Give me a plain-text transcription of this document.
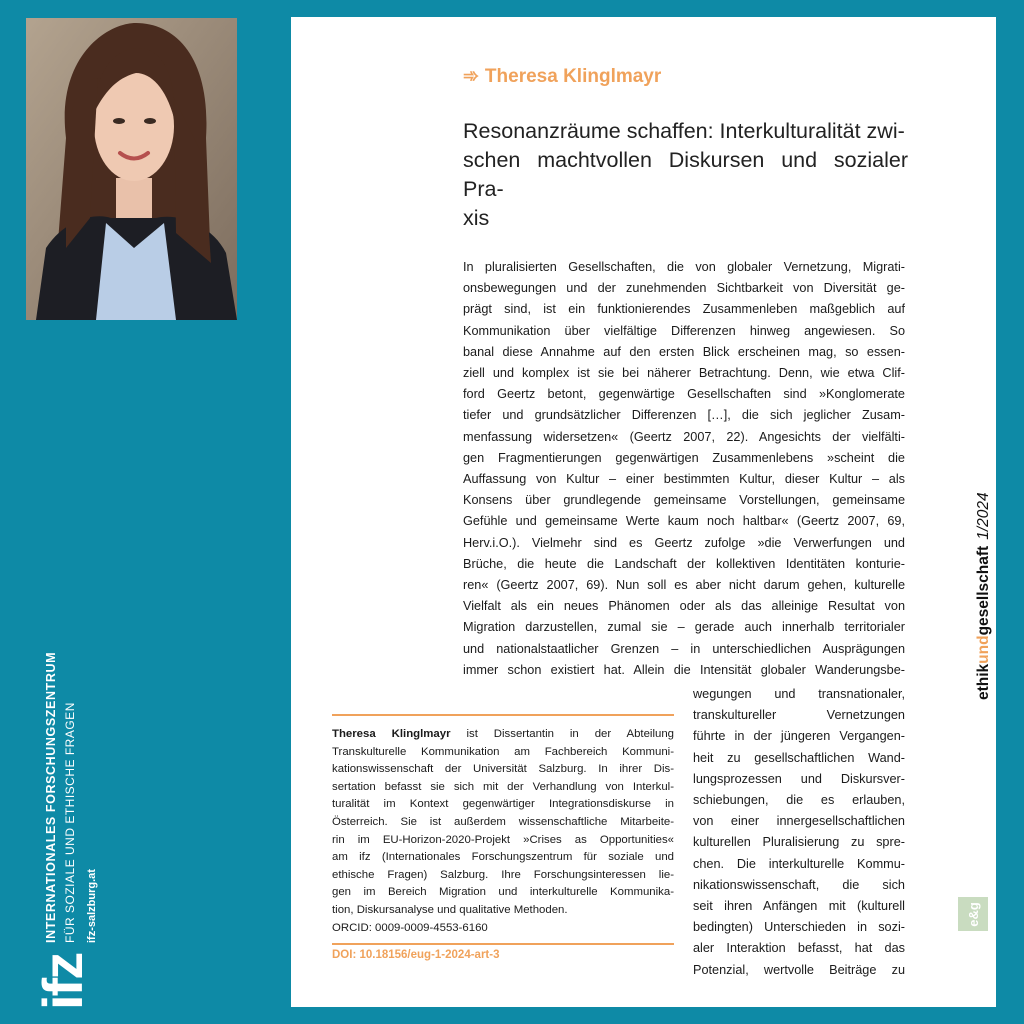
ifz
INTERNATIONALES FORSCHUNGSZENTRUM FÜR SOZIALE UND ETHISCHE FRAGEN ifz-salzburg.at
➾ Theresa Klinglmayr
Resonanzräume schaffen: Interkulturalität zwi-
schen machtvollen Diskursen und sozialer Pra-
xis
In pluralisierten Gesellschaften, die von globaler Vernetzung, Migrati-
onsbewegungen und der zunehmenden Sichtbarkeit von Diversität ge-
prägt sind, ist ein funktionierendes Zusammenleben maßgeblich auf
Kommunikation über vielfältige Differenzen hinweg angewiesen. So
banal diese Annahme auf den ersten Blick erscheinen mag, so essen-
ziell und komplex ist sie bei näherer Betrachtung. Denn, wie etwa Clif-
ford Geertz betont, gegenwärtige Gesellschaften sind »Konglomerate
tiefer und grundsätzlicher Differenzen […], die sich jeglicher Zusam-
menfassung widersetzen« (Geertz 2007, 22). Angesichts der vielfälti-
gen Fragmentierungen gegenwärtigen Zusammenlebens »scheint die
Auffassung von Kultur – einer bestimmten Kultur, dieser Kultur – als
Konsens über grundlegende gemeinsame Vorstellungen, gemeinsame
Gefühle und gemeinsame Werte kaum noch haltbar« (Geertz 2007, 69,
Herv.i.O.). Vielmehr sind es Geertz zufolge »die Verwerfungen und
Brüche, die heute die Landschaft der kollektiven Identitäten konturie-
ren« (Geertz 2007, 69). Nun soll es aber nicht darum gehen, kulturelle
Vielfalt als ein neues Phänomen oder als das alleinige Resultat von
Migration darzustellen, zumal sie – gerade auch innerhalb territorialer
und nationalstaatlicher Grenzen – in unterschiedlichen Ausprägungen
immer schon existiert hat. Allein die Intensität globaler Wanderungsbe-
wegungen und transnationaler,
transkultureller Vernetzungen
führte in der jüngeren Vergangen-
heit zu gesellschaftlichen Wand-
lungsprozessen und Diskursver-
schiebungen, die es erlauben,
von einer innergesellschaftlichen
kulturellen Pluralisierung zu spre-
chen. Die interkulturelle Kommu-
nikationswissenschaft, die sich
seit ihren Anfängen mit (kulturell
bedingten) Unterschieden in sozi-
aler Interaktion befasst, hat das
Potenzial, wertvolle Beiträge zu
Theresa Klinglmayr ist Dissertantin in der Abteilung
Transkulturelle Kommunikation am Fachbereich Kommuni-
kationswissenschaft der Universität Salzburg. In ihrer Dis-
sertation befasst sie sich mit der Verhandlung von Interkul-
turalität im Kontext gegenwärtiger Integrationsdiskurse in
Österreich. Sie ist außerdem wissenschaftliche Mitarbeite-
rin im EU-Horizon-2020-Projekt »Crises as Opportunities«
am ifz (Internationales Forschungszentrum für soziale und
ethische Fragen) Salzburg. Ihre Forschungsinteressen lie-
gen im Bereich Migration und interkulturelle Kommunika-
tion, Diskursanalyse und qualitative Methoden.
ORCID: 0009-0009-4553-6160
DOI: 10.18156/eug-1-2024-art-3
ethikundgesellschaft1/2024
e&g
